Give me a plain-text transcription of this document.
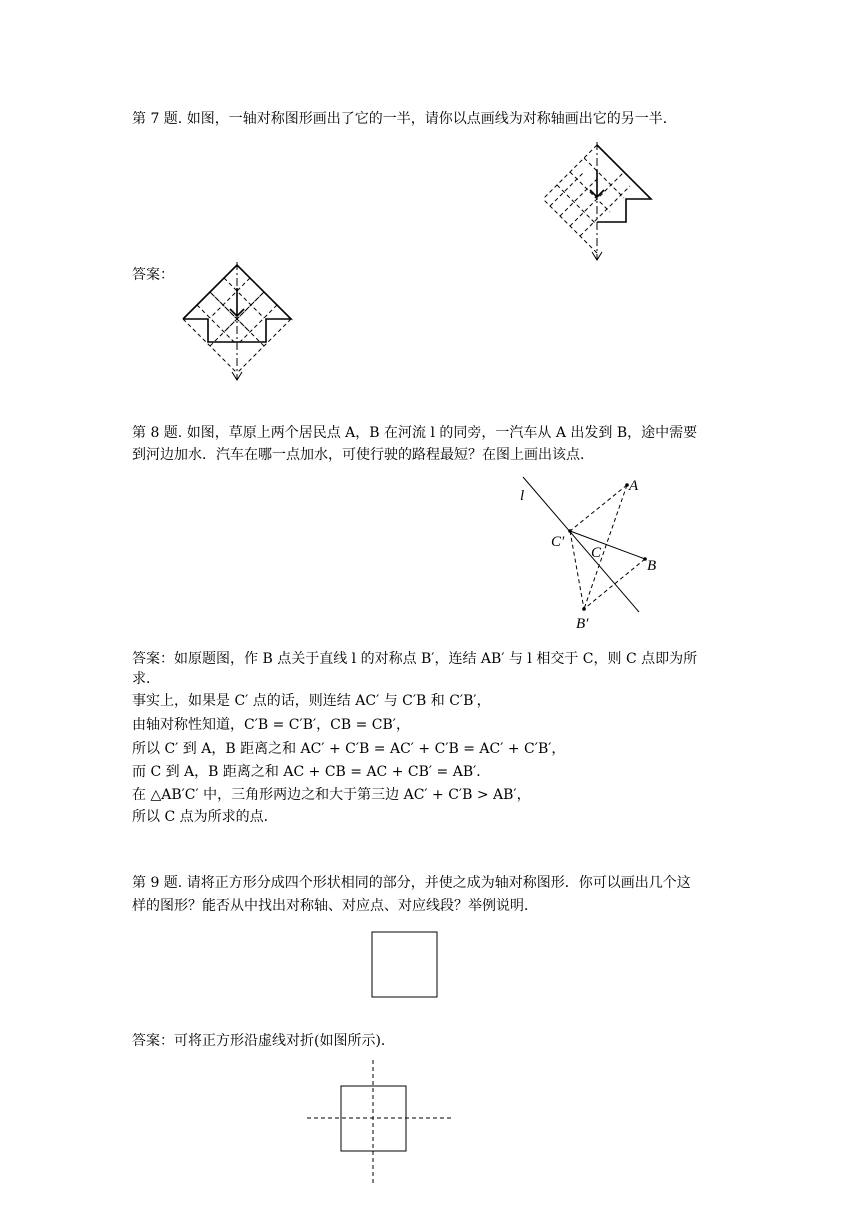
第 7 题. 如图，一轴对称图形画出了它的一半，请你以点画线为对称轴画出它的另一半．
答案：
第 8 题. 如图，草原上两个居民点 A，B 在河流 l 的同旁，一汽车从 A 出发到 B，途中需要
到河边加水．汽车在哪一点加水，可使行驶的路程最短？在图上画出该点．
l
A
B
C
C′
B′
答案：如原题图，作 B 点关于直线 l 的对称点 B′，连结 AB′ 与 l 相交于 C，则 C 点即为所
求．
事实上，如果是 C′ 点的话，则连结 AC′ 与 C′B 和 C′B′，
由轴对称性知道，C′B = C′B′，CB = CB′，
所以 C′ 到 A，B 距离之和 AC′ + C′B = AC′ + C′B = AC′ + C′B′，
而 C 到 A，B 距离之和 AC + CB = AC + CB′ = AB′．
在 △AB′C′ 中，三角形两边之和大于第三边 AC′ + C′B > AB′，
所以 C 点为所求的点．
第 9 题. 请将正方形分成四个形状相同的部分，并使之成为轴对称图形．你可以画出几个这
样的图形？能否从中找出对称轴、对应点、对应线段？举例说明．
答案：可将正方形沿虚线对折(如图所示)．
